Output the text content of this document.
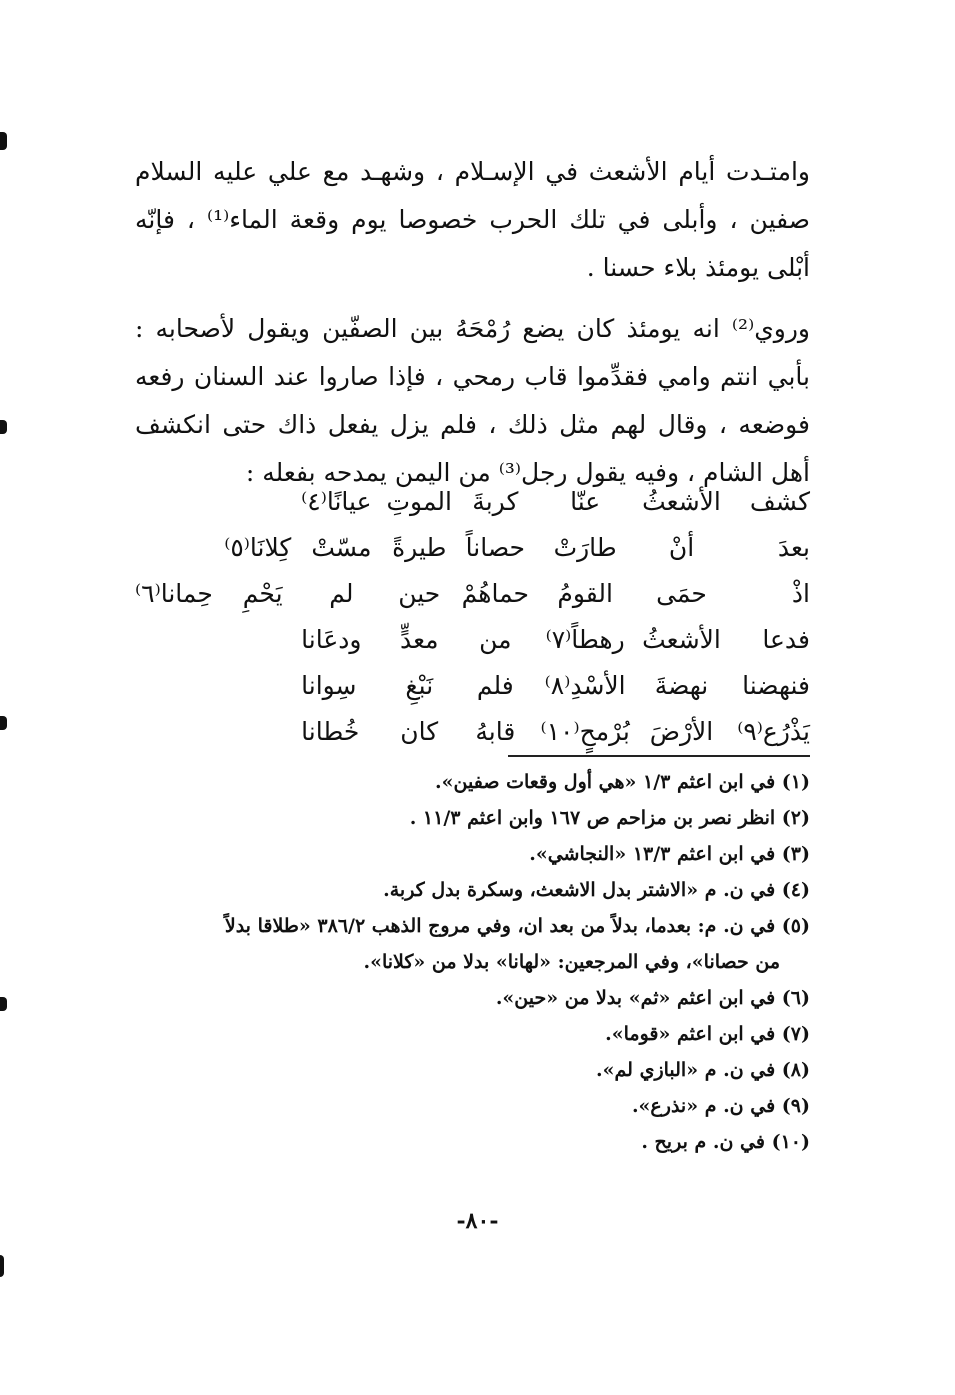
وامتـدت أيام الأشعث في الإسـلام ، وشهـد مع علي عليه السلام صفين ، وأبلى في تلك الحرب خصوصا يوم وقعة الماء⁽¹⁾ ، فإنّه أبْلى يومئذ بلاء حسنا .

وروي⁽²⁾ انه يومئذ كان يضع رُمْحَهُ بين الصفّين ويقول لأصحابه : بأبي انتم وامي فقدِّموا قاب رمحي ، فإذا صاروا عند السنان رفعه فوضعه ، وقال لهم مثل ذلك ، فلم يزل يفعل ذاك حتى انكشف أهل الشام ، وفيه يقول رجل⁽³⁾ من اليمن يمدحه بفعله :

كشف	الأشعثُ	عنّا	كربةَ	الموتِ	عيانًا⁽٤⁾		
بعدَ	أنْ	طارَتْ	حصاناً	طيرةً	مسّتْ	كِلانَا⁽٥⁾	
اذْ	حمَى	القومُ	حماهُمْ	حين	لم	يَحْمِ	حِمانا⁽٦⁾
فدعا	الأشعثُ	رهطاً⁽٧⁾	من	معدٍّ	ودعَانا		
فنهضنا	نهضةَ	الأسْدِ⁽٨⁾	فلم	نَبْغِ	سِوانا		
يَذْرُع⁽٩⁾	الأرْضَ	بُرْمحٍ⁽١٠⁾	قابهُ	كان	خُطانا		

(١) في ابن اعثم ١/٣ «هي أول وقعات صفين».

(٢) انظر نصر بن مزاحم ص ١٦٧ وابن اعثم ١١/٣ .

(٣) في ابن اعثم ١٣/٣ «النجاشي».

(٤) في ن. م «الاشتر بدل الاشعث، وسكرة بدل كربة.

(٥) في ن. م: بعدما، بدلاً من بعد ان، وفي مروج الذهب ٣٨٦/٢ «طلاقا بدلاً
من حصانا»، وفي المرجعين: «لهانا» بدلا من «كلانا».

(٦) في ابن اعثم «ثم» بدلا من «حين».

(٧) في ابن اعثم «قوما».

(٨) في ن. م «البازي لم».

(٩) في ن. م «نذرع».

(١٠) في ن. م بريح .

-٨٠-
